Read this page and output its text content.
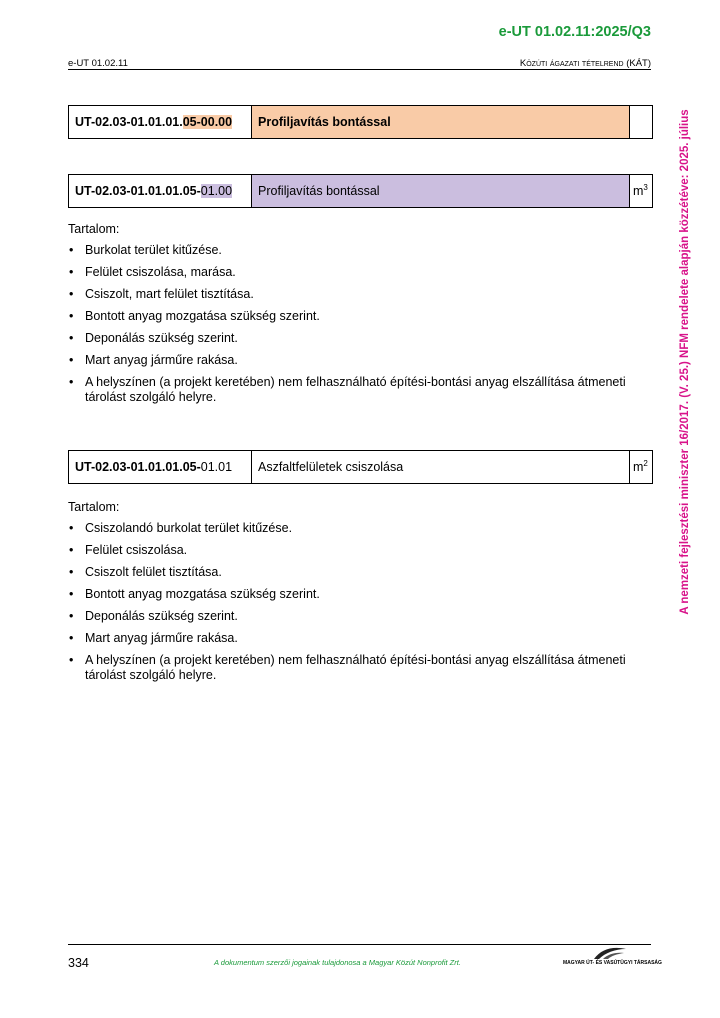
e-UT 01.02.11:2025/Q3
e-UT 01.02.11	Közúti ágazati tételrend (KÁT)
UT-02.03-01.01.01.05-00.00	Profiljavítás bontással	
UT-02.03-01.01.01.05-01.00	Profiljavítás bontással	$m^3$

Tartalom:

• Burkolat terület kitűzése.
• Felület csiszolása, marása.
• Csiszolt, mart felület tisztítása.
• Bontott anyag mozgatása szükség szerint.
• Deponálás szükség szerint.
• Mart anyag járműre rakása.
• A helyszínen (a projekt keretében) nem felhasználható építési-bontási anyag elszállítása átmeneti tárolást szolgáló helyre.
UT-02.03-01.01.01.05-01.01	Aszfaltfelületek csiszolása	$m^2$

Tartalom:

• Csiszolandó burkolat terület kitűzése.
• Felület csiszolása.
• Csiszolt felület tisztítása.
• Bontott anyag mozgatása szükség szerint.
• Deponálás szükség szerint.
• Mart anyag járműre rakása.
• A helyszínen (a projekt keretében) nem felhasználható építési-bontási anyag elszállítása átmeneti tárolást szolgáló helyre.
A nemzeti fejlesztési miniszter 16/2017. (V. 25.) NFM rendelete alapján közzétéve: 2025. július
334	A dokumentum szerzői jogainak tulajdonosa a Magyar Közút Nonprofit Zrt.	MAGYAR ÚT- ÉS VASÚTÜGYI TÁRSASÁG
